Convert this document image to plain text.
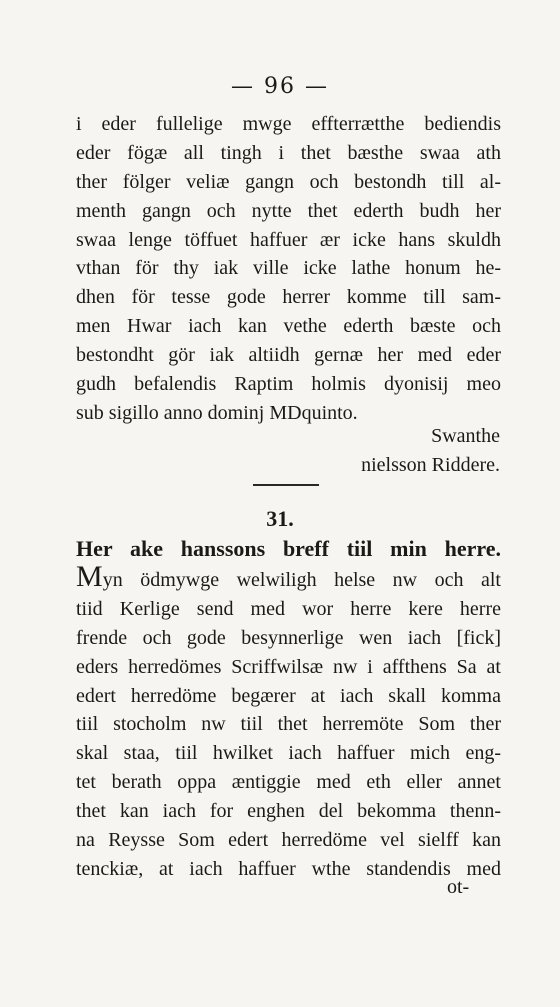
— 96 —
i eder fullelige mwge effterrætthe bediendis
eder fögæ all tingh i thet bæsthe swaa ath
ther fölger veliæ gangn och bestondh till al-
menth gangn och nytte thet ederth budh her
swaa lenge töffuet haffuer ær icke hans skuldh
vthan för thy iak ville icke lathe honum he-
dhen för tesse gode herrer komme till sam-
men Hwar iach kan vethe ederth bæste och
bestondht gör iak altiidh gernæ her med eder
gudh befalendis Raptim holmis dyonisij meo
sub sigillo anno dominj MDquinto.
Swanthe
nielsson Riddere.
31.
Her ake hanssons breff tiil min herre.
Myn ödmywge welwiligh helse nw och alt
tiid Kerlige send med wor herre kere herre
frende och gode besynnerlige wen iach [fick]
eders herredömes Scriffwilsæ nw i affthens Sa at
edert herredöme begærer at iach skall komma
tiil stocholm nw tiil thet herremöte Som ther
skal staa, tiil hwilket iach haffuer mich eng-
tet berath oppa æntiggie med eth eller annet
thet kan iach for enghen del bekomma thenn-
na Reysse Som edert herredöme vel sielff kan
tenckiæ, at iach haffuer wthe standendis med
ot-
